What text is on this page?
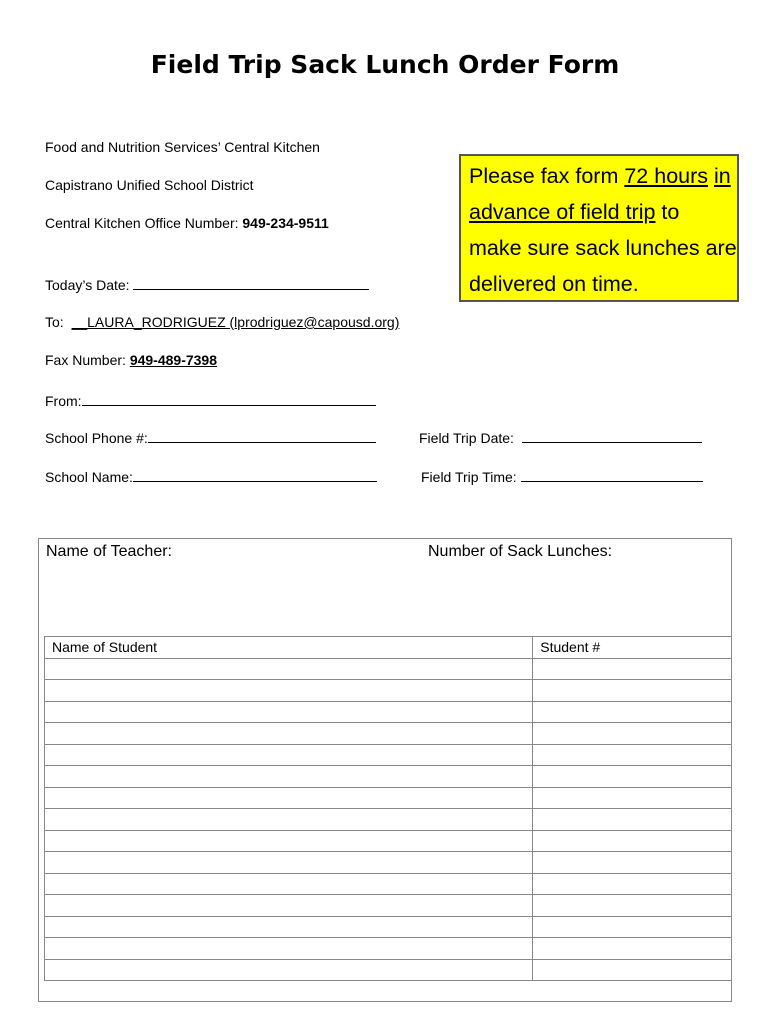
Field Trip Sack Lunch Order Form
Food and Nutrition Services’ Central Kitchen
Capistrano Unified School District
Central Kitchen Office Number: 949-234-9511
Please fax form 72 hours in advance of field trip to make sure sack lunches are delivered on time.
Today’s Date:
To: __LAURA_RODRIGUEZ (lprodriguez@capousd.org)
Fax Number: 949-489-7398
From:
School Phone #:
School Name:
Field Trip Date:
Field Trip Time:
Name of Teacher:	Number of Sack Lunches:
Name of Student	Student #
